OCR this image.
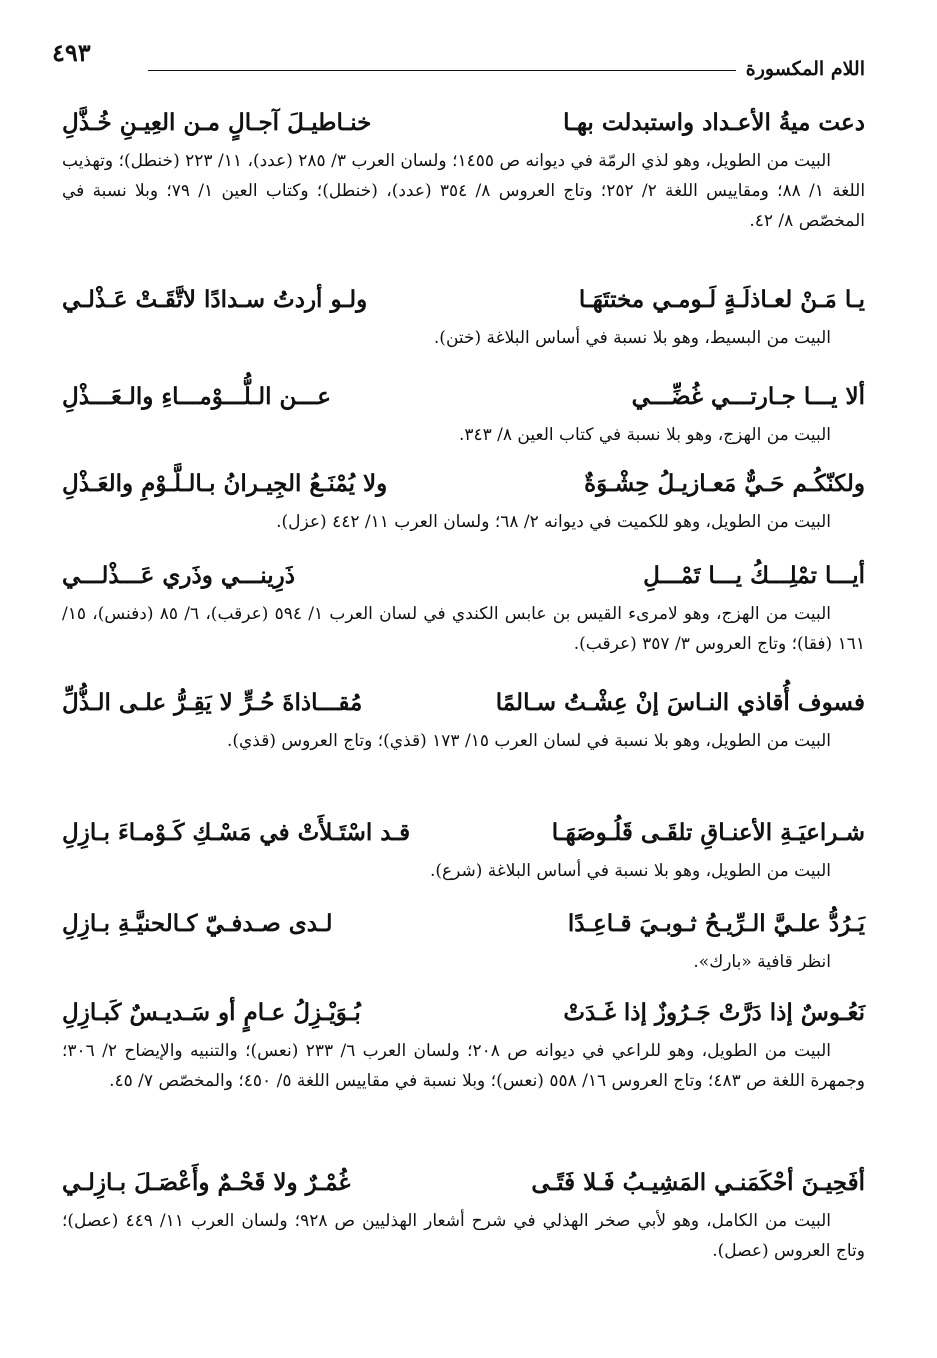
٤٩٣
اللام المكسورة
دعت ميةُ الأعـداد واستبدلت بهـا
خنـاطيـلَ آجـالٍ مـن العِيـنِ خُـذَّلِ

البيت من الطويل، وهو لذي الرمّة في ديوانه ص ١٤٥٥؛ ولسان العرب ٣/ ٢٨٥ (عدد)، ١١/ ٢٢٣ (خنطل)؛ وتهذيب اللغة ١/ ٨٨؛ ومقاييس اللغة ٢/ ٢٥٢؛ وتاج العروس ٨/ ٣٥٤ (عدد)، (خنطل)؛ وكتاب العين ١/ ٧٩؛ وبلا نسبة في المخصّص ٨/ ٤٢.

يـا مَـنْ لعـاذلَـةٍ لَـومـي مختتَهَـا
ولـو أردتُ سـدادًا لاتَّقَـتْ عَـذْلـي

البيت من البسيط، وهو بلا نسبة في أساس البلاغة (ختن).

ألا يـــا جـارتـــي غُضِّـــي
عـــن الـلُّـــوْمـــاءِ والـعَـــذْلِ

البيت من الهزج، وهو بلا نسبة في كتاب العين ٨/ ٣٤٣.

ولكنّكُـم حَـيٌّ مَعـازيـلُ حِشْـوَةٌ
ولا يُمْنَـعُ الجِيـرانُ بـالـلَّـوْمِ والعَـذْلِ

البيت من الطويل، وهو للكميت في ديوانه ٢/ ٦٨؛ ولسان العرب ١١/ ٤٤٢ (عزل).

أيـــا تمْلِـــكُ يـــا تَمْـــلِ
ذَرِينـــي وذَري عَـــذْلـــي

البيت من الهزج، وهو لامرىء القيس بن عابس الكندي في لسان العرب ١/ ٥٩٤ (عرقب)، ٦/ ٨٥ (دفنس)، ١٥/ ١٦١ (فقا)؛ وتاج العروس ٣/ ٣٥٧ (عرقب).

فسوف أُقاذي النـاسَ إنْ عِشْـتُ سـالمًا
مُقـــاذاةَ حُـرٍّ لا يَقِـرُّ علـى الـذُّلِّ

البيت من الطويل، وهو بلا نسبة في لسان العرب ١٥/ ١٧٣ (قذي)؛ وتاج العروس (قذي).

شـراعيَـةِ الأعنـاقِ تلقَـى قَلُـوصَهَـا
قـد اسْتَـلأَتْ في مَسْـكِ كَـوْمـاءَ بـازِلِ

البيت من الطويل، وهو بلا نسبة في أساس البلاغة (شرع).

يَـرُدُّ علـيَّ الـرِّيـحُ ثـوبـيَ قـاعِـدًا
لـدى صـدفـيّ كـالحنيَّـةِ بـازِلِ

انظر قافية «بارك».

نَعُـوسٌ إذا دَرَّتْ جَـرُوزٌ إذا غَـدَتْ
بُـوَيْـزِلُ عـامٍ أو سَـديـسٌ كَبـازِلِ

البيت من الطويل، وهو للراعي في ديوانه ص ٢٠٨؛ ولسان العرب ٦/ ٢٣٣ (نعس)؛ والتنبيه والإيضاح ٢/ ٣٠٦؛ وجمهرة اللغة ص ٤٨٣؛ وتاج العروس ١٦/ ٥٥٨ (نعس)؛ وبلا نسبة في مقاييس اللغة ٥/ ٤٥٠؛ والمخصّص ٧/ ٤٥.

أفَحِيـنَ أحْكَمَنـي المَشِيـبُ فَـلا فَتًـى
غُمْـرٌ ولا قَحْـمٌ وأَعْصَـلَ بـازِلـي

البيت من الكامل، وهو لأبي صخر الهذلي في شرح أشعار الهذليين ص ٩٢٨؛ ولسان العرب ١١/ ٤٤٩ (عصل)؛ وتاج العروس (عصل).
